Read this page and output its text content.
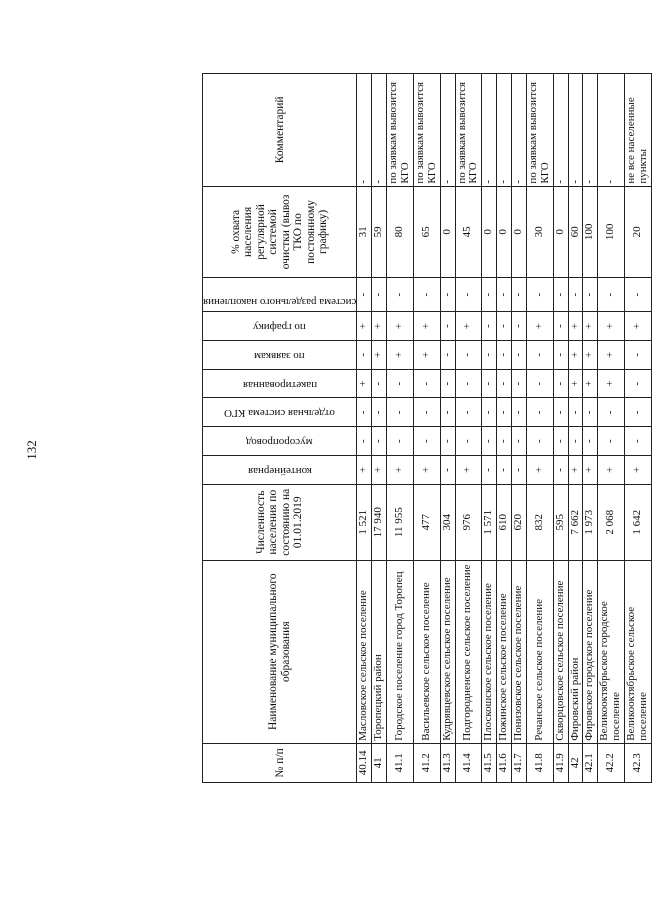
132
№ п/п	Наименование муниципального образования	Численность населения по состоянию на 01.01.2019	контейнерная	мусоропровод	отдельная система КГО	пакетированная	по заявкам	по графику	система раздельного накопления	% охвата населения регулярной системой очистки (вывоз ТКО по постоянному графику)	Комментарий
40.14	Масловское сельское поселение	1 521	+	-	-	+	-	+	-	31	-
41	Торопецкий район	17 940	+	-	-	-	+	+	-	59	-
41.1	Городское поселение город Торопец	11 955	+	-	-	-	+	+	-	80	по заявкам вывозится КГО
41.2	Васильевское сельское поселение	477	+	-	-	-	+	+	-	65	по заявкам вывозится КГО
41.3	Кудрявцевское сельское поселение	304	-	-	-	-	-	-	-	0	-
41.4	Подгородненское сельское поселение	976	+	-	-	-	-	+	-	45	по заявкам вывозится КГО
41.5	Плоскошское сельское поселение	1 571	-	-	-	-	-	-	-	0	-
41.6	Пожинское сельское поселение	610	-	-	-	-	-	-	-	0	-
41.7	Понизовское сельское поселение	620	-	-	-	-	-	-	-	0	-
41.8	Речанское сельское поселение	832	+	-	-	-	-	+	-	30	по заявкам вывозится КГО
41.9	Скворцовское сельское поселение	595	-	-	-	-	-	-	-	0	-
42	Фировский район	7 662	+	-	-	+	+	+	-	60	-
42.1	Фировское городское поселение	1 973	+	-	-	+	+	+	-	100	-
42.2	Великооктябрьское городское поселение	2 068	+	-	-	+	+	+	-	100	-
42.3	Великооктябрьское сельское поселение	1 642	+	-	-	-	-	+	-	20	не все населенные пункты
